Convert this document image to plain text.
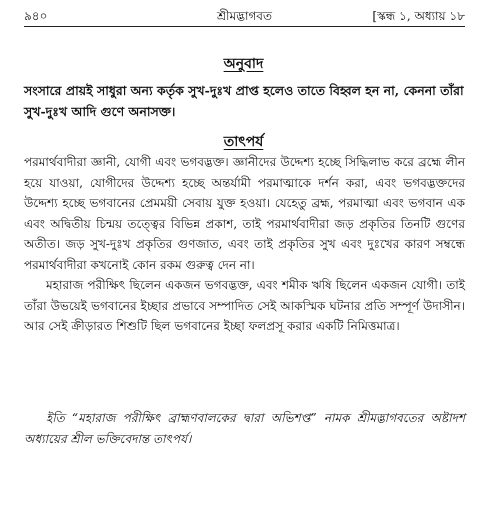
৯৪০	শ্রীমদ্ভাগবত	[স্কন্ধ ১, অধ্যায় ১৮
অনুবাদ
সংসারে প্রায়ই সাধুরা অন্য কর্তৃক সুখ-দুঃখ প্রাপ্ত হলেও তাতে বিহ্বল হন না, কেননা তাঁরা সুখ-দুঃখ আদি গুণে অনাসক্ত।
তাৎপর্য

পরমার্থবাদীরা জ্ঞানী, যোগী এবং ভগবদ্ভক্ত। জ্ঞানীদের উদ্দেশ্য হচ্ছে সিদ্ধিলাভ করে ব্রহ্মে লীন হয়ে যাওয়া, যোগীদের উদ্দেশ্য হচ্ছে অন্তর্যামী পরমাত্মাকে দর্শন করা, এবং ভগবদ্ভক্তদের উদ্দেশ্য হচ্ছে ভগবানের প্রেমময়ী সেবায় যুক্ত হওয়া। যেহেতু ব্রহ্ম, পরমাত্মা এবং ভগবান এক এবং অদ্বিতীয় চিন্ময় তত্ত্বের বিভিন্ন প্রকাশ, তাই পরমার্থবাদীরা জড় প্রকৃতির তিনটি গুণের অতীত। জড় সুখ-দুঃখ প্রকৃতির গুণজাত, এবং তাই প্রকৃতির সুখ এবং দুঃখের কারণ সম্বন্ধে পরমার্থবাদীরা কখনোই কোন রকম গুরুত্ব দেন না।

মহারাজ পরীক্ষিৎ ছিলেন একজন ভগবদ্ভক্ত, এবং শমীক ঋষি ছিলেন একজন যোগী। তাই তাঁরা উভয়েই ভগবানের ইচ্ছার প্রভাবে সম্পাদিত সেই আকস্মিক ঘটনার প্রতি সম্পূর্ণ উদাসীন। আর সেই ক্রীড়ারত শিশুটি ছিল ভগবানের ইচ্ছা ফলপ্রসূ করার একটি নিমিত্তমাত্র।

ইতি “মহারাজ পরীক্ষিৎ ব্রাহ্মণবালকের দ্বারা অভিশপ্ত” নামক শ্রীমদ্ভাগবতের অষ্টাদশ অধ্যায়ের শ্রীল ভক্তিবেদান্ত তাৎপর্য।
